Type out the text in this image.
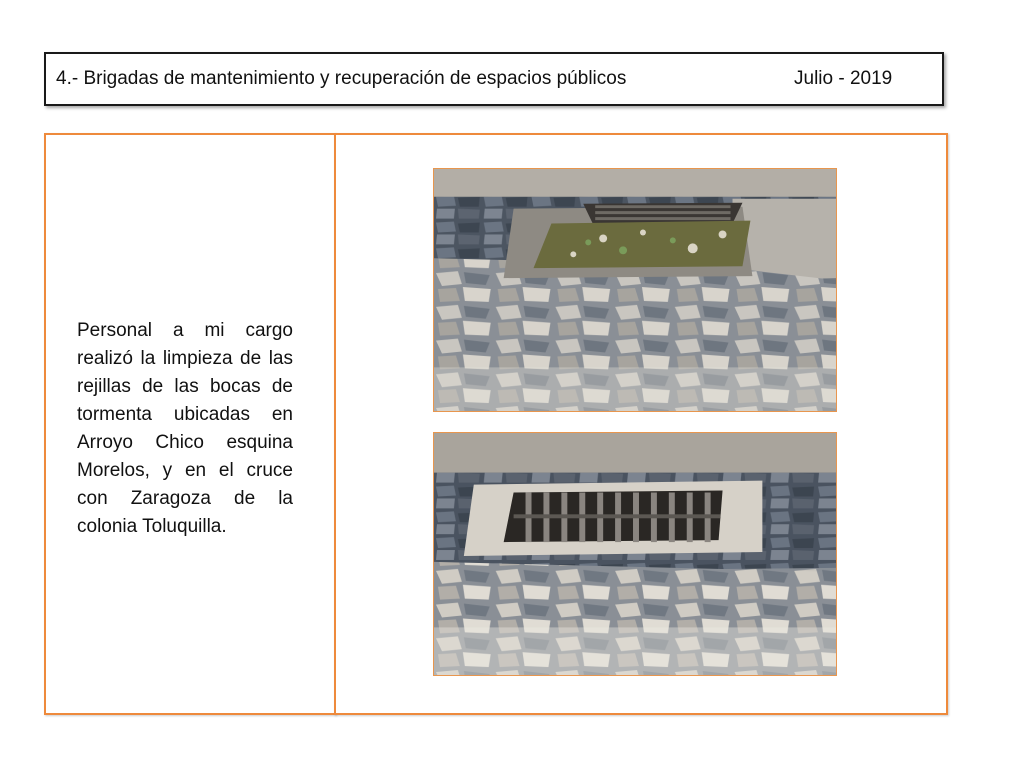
4.- Brigadas de mantenimiento y recuperación de espacios públicos	Julio - 2019

Personal a mi cargo realizó la limpieza de las rejillas de las bocas de tormenta ubicadas en Arroyo Chico esquina Morelos, y en el cruce con Zaragoza de la colonia Toluquilla.
